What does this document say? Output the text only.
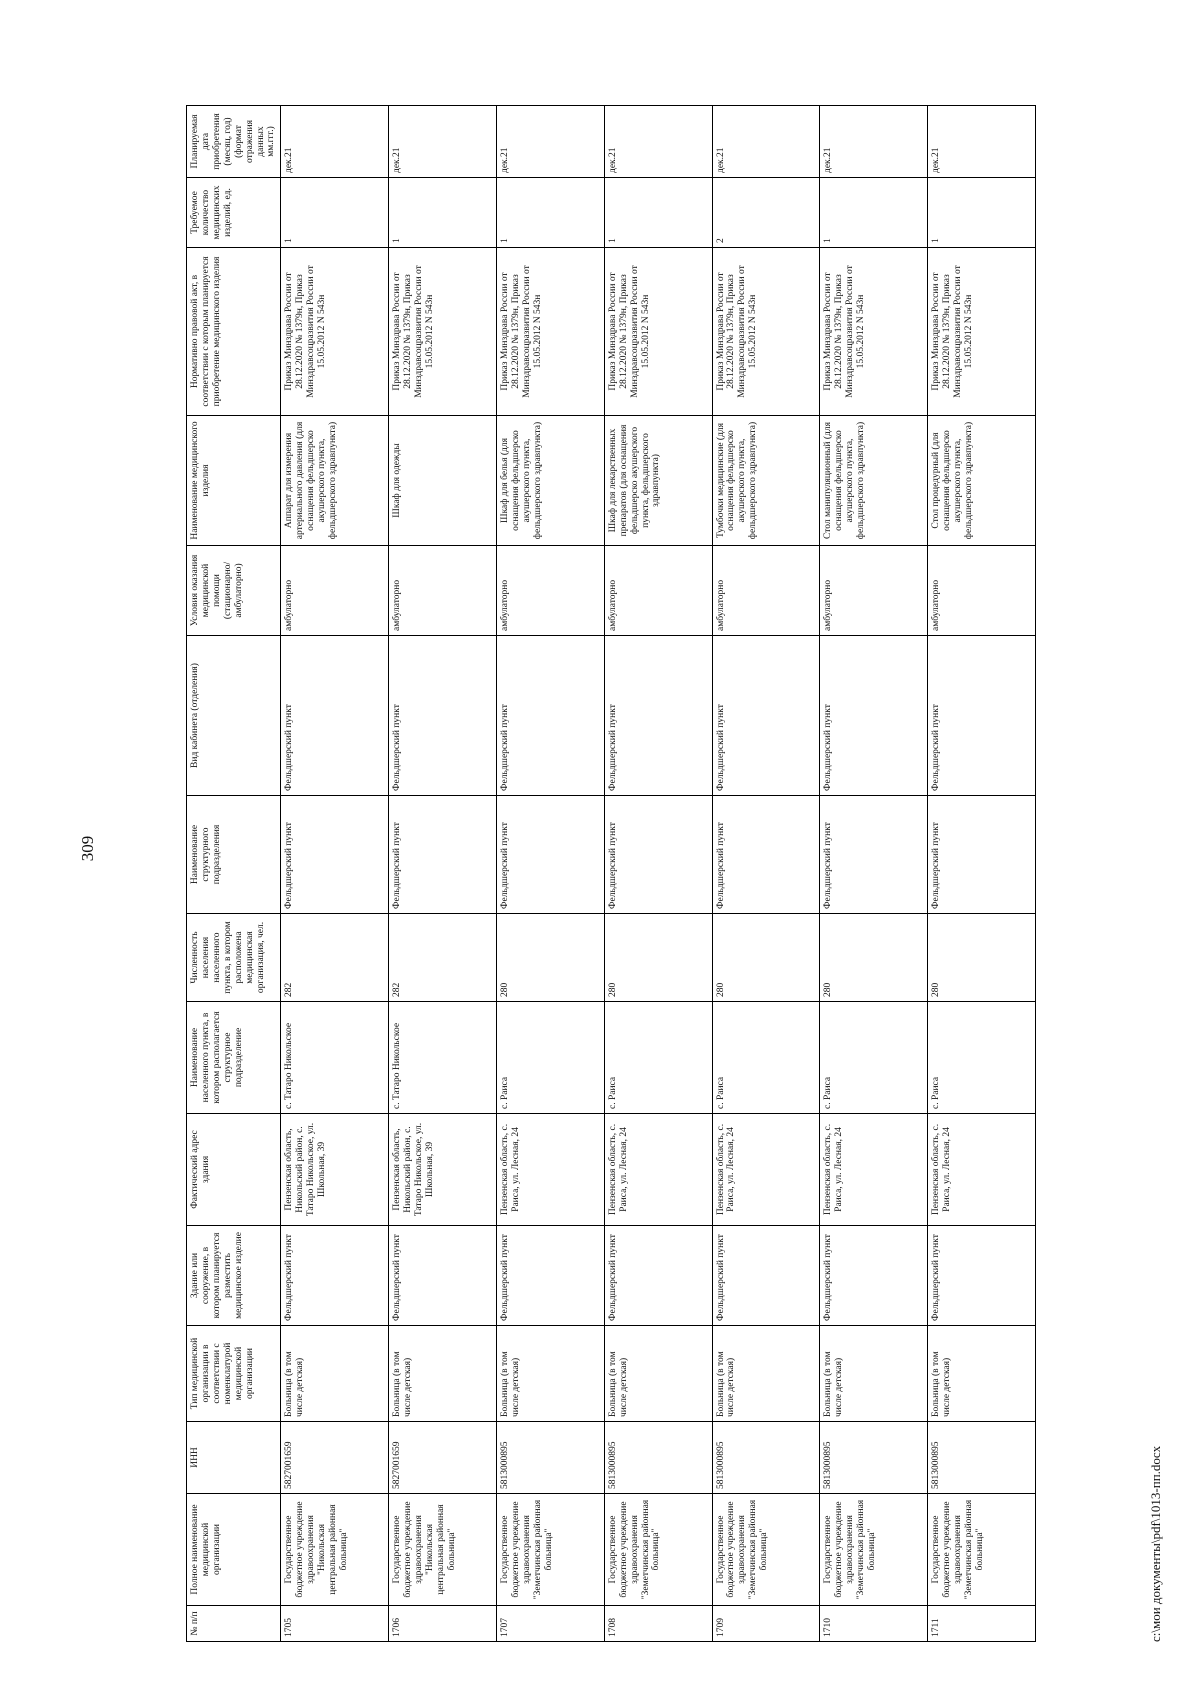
309
№ п/п	Полное наименование медицинской организации	ИНН	Тип медицинской организации в соответствии с номенклатурой медицинской организации	Здание или сооружение, в котором планируется разместить медицинское изделие	Фактический адрес здания	Наименование населенного пункта, в котором располагается структурное подразделение	Численность населения населенного пункта, в котором расположена медицинская организация, чел.	Наименование структурного подразделения	Вид кабинета (отделения)	Условия оказания медицинской помощи (стационарно/амбулаторно)	Наименование медицинского изделия	Нормативно правовой акт, в соответствии с которым планируется приобретение медицинского изделия	Требуемое количество медицинских изделий, ед.	Планируемая дата приобретения (месяц, год) (формат отражения данных мм.ггг.)
1705	Государственное бюджетное учреждение здравоохранения "Никольская центральная районная больница"	5827001659	Больница (в том числе детская)	Фельдшерский пункт	Пензенская область, Никольский район, с. Татаро Никольское, ул. Школьная, 39	с. Татаро Никольское	282	Фельдшерский пункт	Фельдшерский пункт	амбулаторно	Аппарат для измерения артериального давления (для оснащения фельдшерско акушерского пункта, фельдшерского здравпункта)	Приказ Минздрава России от 28.12.2020 № 1379н, Приказ Минздравсоцразвития России от 15.05.2012 N 543н	1	дек.21
1706	Государственное бюджетное учреждение здравоохранения "Никольская центральная районная больница"	5827001659	Больница (в том числе детская)	Фельдшерский пункт	Пензенская область, Никольский район, с. Татаро Никольское, ул. Школьная, 39	с. Татаро Никольское	282	Фельдшерский пункт	Фельдшерский пункт	амбулаторно	Шкаф для одежды	Приказ Минздрава России от 28.12.2020 № 1379н, Приказ Минздравсоцразвития России от 15.05.2012 N 543н	1	дек.21
1707	Государственное бюджетное учреждение здравоохранения "Земетчинская районная больница"	5813000895	Больница (в том числе детская)	Фельдшерский пункт	Пензенская область, с. Раиса, ул. Лесная, 24	с. Раиса	280	Фельдшерский пункт	Фельдшерский пункт	амбулаторно	Шкаф для белья (для оснащения фельдшерско акушерского пункта, фельдшерского здравпункта)	Приказ Минздрава России от 28.12.2020 № 1379н, Приказ Минздравсоцразвития России от 15.05.2012 N 543н	1	дек.21
1708	Государственное бюджетное учреждение здравоохранения "Земетчинская районная больница"	5813000895	Больница (в том числе детская)	Фельдшерский пункт	Пензенская область, с. Раиса, ул. Лесная, 24	с. Раиса	280	Фельдшерский пункт	Фельдшерский пункт	амбулаторно	Шкаф для лекарственных препаратов (для оснащения фельдшерско акушерского пункта, фельдшерского здравпункта)	Приказ Минздрава России от 28.12.2020 № 1379н, Приказ Минздравсоцразвития России от 15.05.2012 N 543н	1	дек.21
1709	Государственное бюджетное учреждение здравоохранения "Земетчинская районная больница"	5813000895	Больница (в том числе детская)	Фельдшерский пункт	Пензенская область, с. Раиса, ул. Лесная, 24	с. Раиса	280	Фельдшерский пункт	Фельдшерский пункт	амбулаторно	Тумбочки медицинские (для оснащения фельдшерско акушерского пункта, фельдшерского здравпункта)	Приказ Минздрава России от 28.12.2020 № 1379н, Приказ Минздравсоцразвития России от 15.05.2012 N 543н	2	дек.21
1710	Государственное бюджетное учреждение здравоохранения "Земетчинская районная больница"	5813000895	Больница (в том числе детская)	Фельдшерский пункт	Пензенская область, с. Раиса, ул. Лесная, 24	с. Раиса	280	Фельдшерский пункт	Фельдшерский пункт	амбулаторно	Стол манипуляционный (для оснащения фельдшерско акушерского пункта, фельдшерского здравпункта)	Приказ Минздрава России от 28.12.2020 № 1379н, Приказ Минздравсоцразвития России от 15.05.2012 N 543н	1	дек.21
1711	Государственное бюджетное учреждение здравоохранения "Земетчинская районная больница"	5813000895	Больница (в том числе детская)	Фельдшерский пункт	Пензенская область, с. Раиса, ул. Лесная, 24	с. Раиса	280	Фельдшерский пункт	Фельдшерский пункт	амбулаторно	Стол процедурный (для оснащения фельдшерско акушерского пункта, фельдшерского здравпункта)	Приказ Минздрава России от 28.12.2020 № 1379н, Приказ Минздравсоцразвития России от 15.05.2012 N 543н	1	дек.21
c:\мои документы\pdf\1013-пп.docx
